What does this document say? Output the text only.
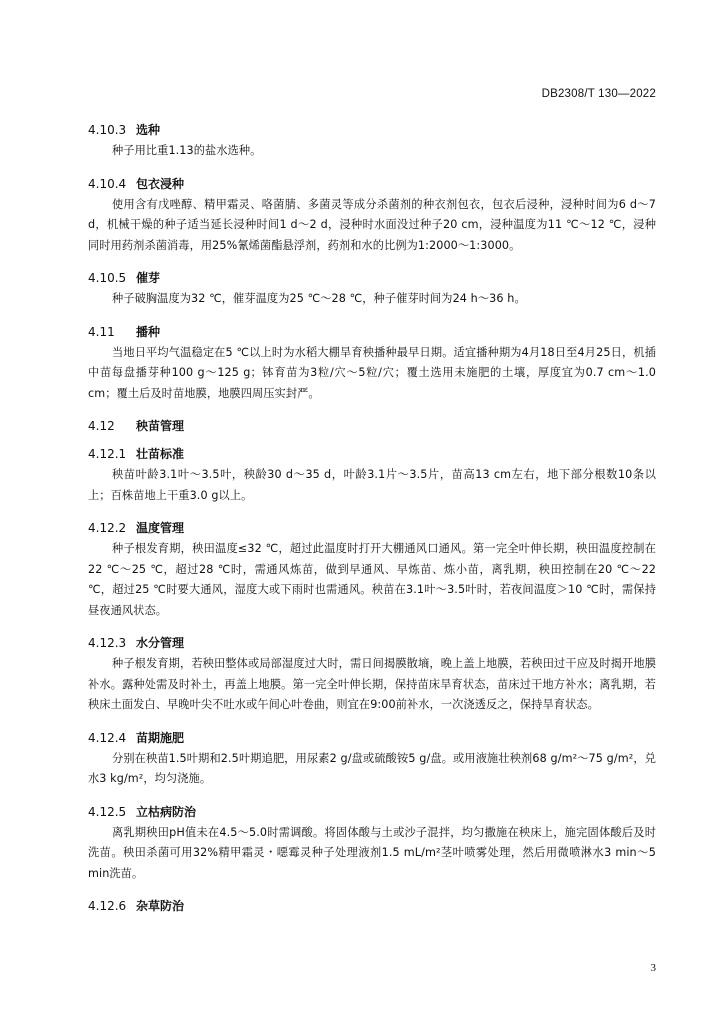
DB2308/T 130—2022
4.10.3 选种

种子用比重1.13的盐水选种。

4.10.4 包衣浸种

使用含有戊唑醇、精甲霜灵、咯菌腈、多菌灵等成分杀菌剂的种衣剂包衣，包衣后浸种，浸种时间为6 d～7 d，机械干燥的种子适当延长浸种时间1 d～2 d，浸种时水面没过种子20 cm，浸种温度为11 ℃～12 ℃，浸种同时用药剂杀菌消毒，用25%氰烯菌酯悬浮剂，药剂和水的比例为1:2000～1:3000。

4.10.5 催芽

种子破胸温度为32 ℃，催芽温度为25 ℃～28 ℃，种子催芽时间为24 h～36 h。

4.11 播种

当地日平均气温稳定在5 ℃以上时为水稻大棚旱育秧播种最早日期。适宜播种期为4月18日至4月25日，机插中苗每盘播芽种100 g～125 g；钵育苗为3粒/穴～5粒/穴；覆土选用未施肥的土壤，厚度宜为0.7 cm～1.0 cm；覆土后及时苗地膜，地膜四周压实封严。

4.12 秧苗管理
4.12.1 壮苗标准

秧苗叶龄3.1叶～3.5叶，秧龄30 d～35 d，叶龄3.1片～3.5片，苗高13 cm左右，地下部分根数10条以上；百株苗地上干重3.0 g以上。

4.12.2 温度管理

种子根发育期，秧田温度≤32 ℃，超过此温度时打开大棚通风口通风。第一完全叶伸长期，秧田温度控制在22 ℃～25 ℃，超过28 ℃时，需通风炼苗，做到早通风、早炼苗、炼小苗，离乳期，秧田控制在20 ℃～22 ℃，超过25 ℃时要大通风，湿度大或下雨时也需通风。秧苗在3.1叶～3.5叶时，若夜间温度＞10 ℃时，需保持昼夜通风状态。

4.12.3 水分管理

种子根发育期，若秧田整体或局部湿度过大时，需日间揭膜散墒，晚上盖上地膜，若秧田过干应及时揭开地膜补水。露种处需及时补土，再盖上地膜。第一完全叶伸长期，保持苗床旱育状态，苗床过干地方补水；离乳期，若秧床土面发白、早晚叶尖不吐水或午间心叶卷曲，则宜在9:00前补水，一次浇透反之，保持旱育状态。

4.12.4 苗期施肥

分别在秧苗1.5叶期和2.5叶期追肥，用尿素2 g/盘或硫酸铵5 g/盘。或用液施壮秧剂68 g/m²～75 g/m²，兑水3 kg/m²，均匀浇施。

4.12.5 立枯病防治

离乳期秧田pH值未在4.5～5.0时需调酸。将固体酸与土或沙子混拌，均匀撒施在秧床上，施完固体酸后及时洗苗。秧田杀菌可用32%精甲霜灵・噁霉灵种子处理液剂1.5 mL/m²茎叶喷雾处理，然后用微喷淋水3 min～5 min洗苗。

4.12.6 杂草防治
3
